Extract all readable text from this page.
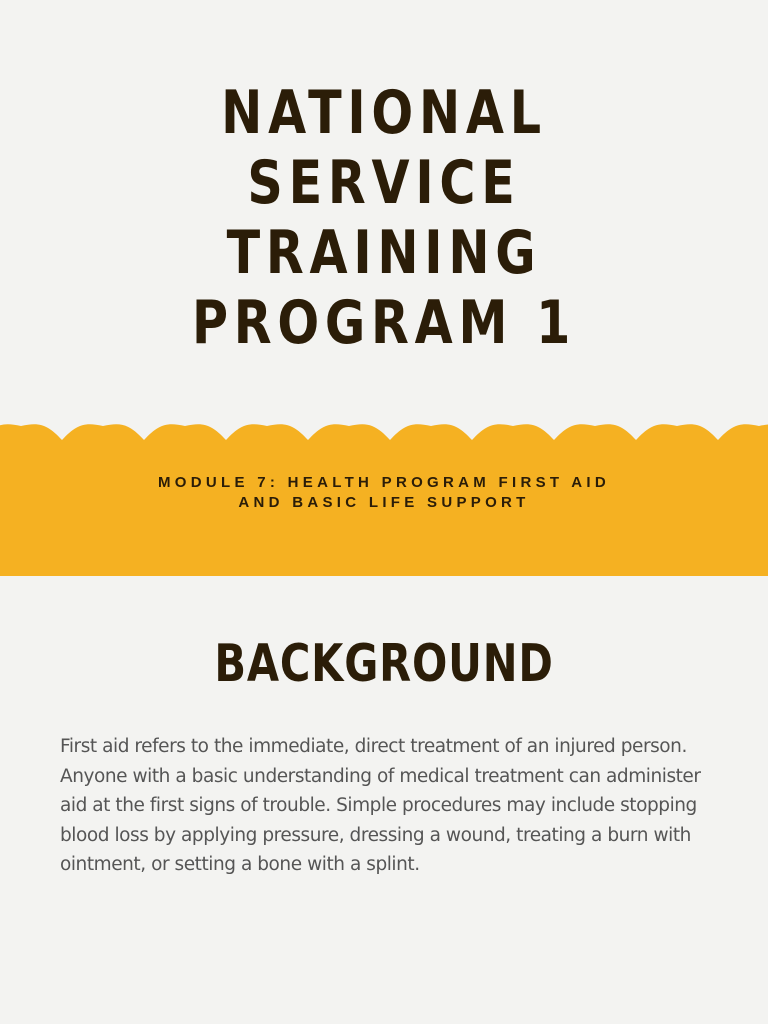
NATIONAL
SERVICE
TRAINING
PROGRAM 1
MODULE 7: HEALTH PROGRAM FIRST AID
AND BASIC LIFE SUPPORT
BACKGROUND
First aid refers to the immediate, direct treatment of an injured person.
Anyone with a basic understanding of medical treatment can administer
aid at the first signs of trouble. Simple procedures may include stopping
blood loss by applying pressure, dressing a wound, treating a burn with
ointment, or setting a bone with a splint.
